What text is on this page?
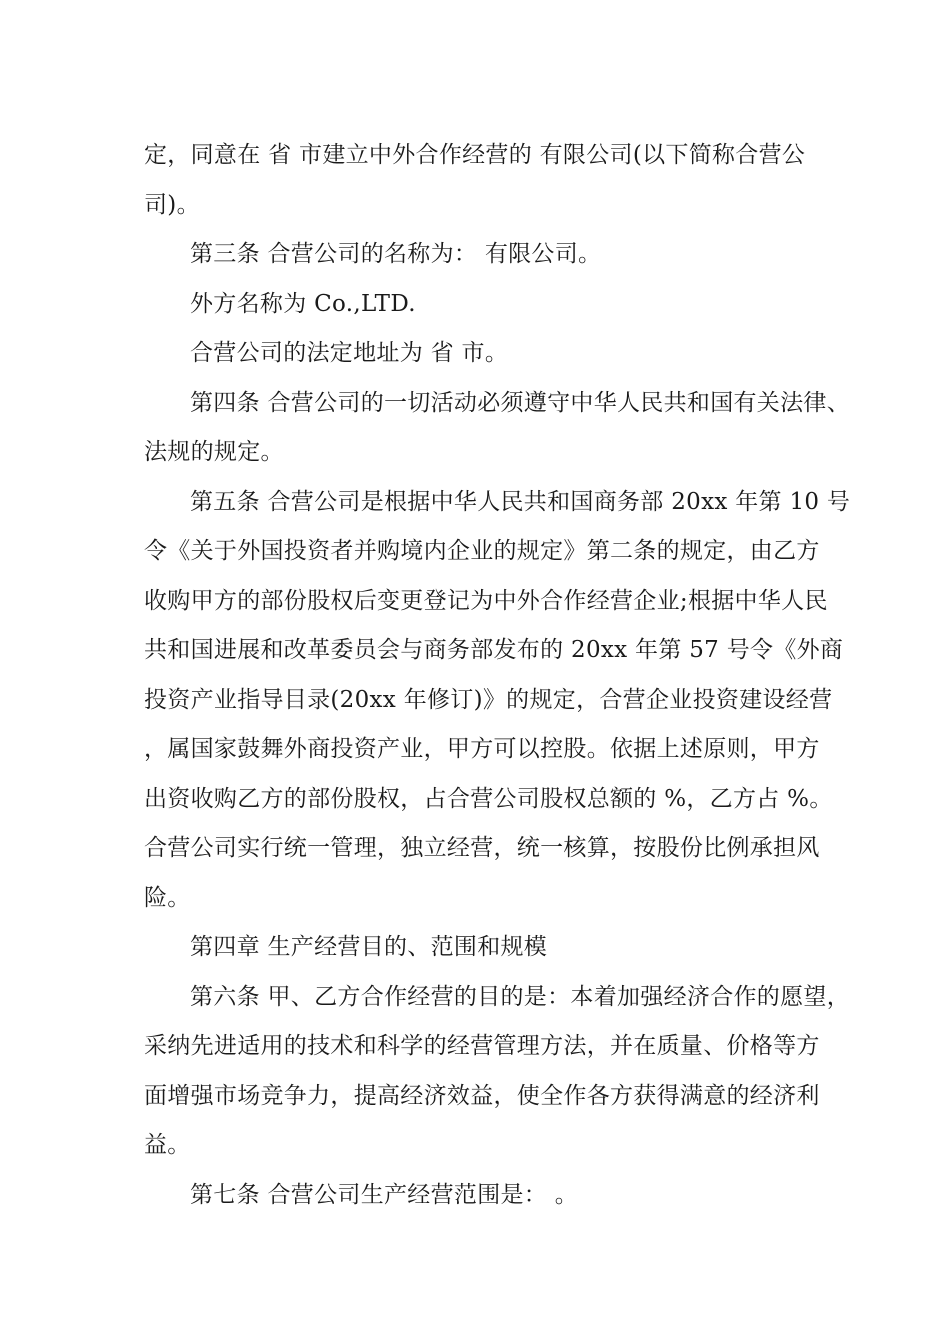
定，同意在 省 市建立中外合作经营的 有限公司(以下简称合营公
司)。
第三条 合营公司的名称为： 有限公司。
外方名称为 Co.,LTD.
合营公司的法定地址为 省 市。
第四条 合营公司的一切活动必须遵守中华人民共和国有关法律、
法规的规定。
第五条 合营公司是根据中华人民共和国商务部 20xx 年第 10 号
令《关于外国投资者并购境内企业的规定》第二条的规定，由乙方
收购甲方的部份股权后变更登记为中外合作经营企业;根据中华人民
共和国进展和改革委员会与商务部发布的 20xx 年第 57 号令《外商
投资产业指导目录(20xx 年修订)》的规定，合营企业投资建设经营
，属国家鼓舞外商投资产业，甲方可以控股。依据上述原则，甲方
出资收购乙方的部份股权，占合营公司股权总额的 %，乙方占 %。
合营公司实行统一管理，独立经营，统一核算，按股份比例承担风
险。
第四章 生产经营目的、范围和规模
第六条 甲、乙方合作经营的目的是：本着加强经济合作的愿望，
采纳先进适用的技术和科学的经营管理方法，并在质量、价格等方
面增强市场竞争力，提高经济效益，使全作各方获得满意的经济利
益。
第七条 合营公司生产经营范围是： 。
